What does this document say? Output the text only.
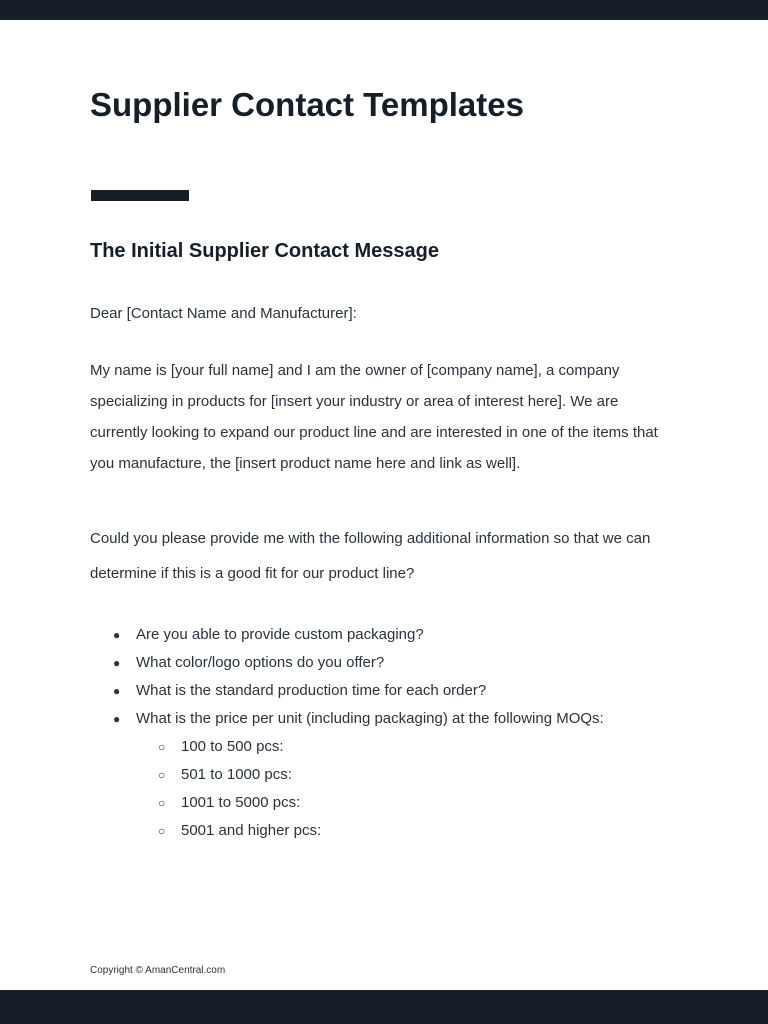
Supplier Contact Templates
The Initial Supplier Contact Message

Dear [Contact Name and Manufacturer]:

My name is [your full name] and I am the owner of [company name], a company
specializing in products for [insert your industry or area of interest here]. We are
currently looking to expand our product line and are interested in one of the items that
you manufacture, the [insert product name here and link as well].

Could you please provide me with the following additional information so that we can
determine if this is a good fit for our product line?

● Are you able to provide custom packaging?
● What color/logo options do you offer?
● What is the standard production time for each order?
● What is the price per unit (including packaging) at the following MOQs:
○ 100 to 500 pcs:
○ 501 to 1000 pcs:
○ 1001 to 5000 pcs:
○ 5001 and higher pcs:

Copyright © AmanCentral.com
